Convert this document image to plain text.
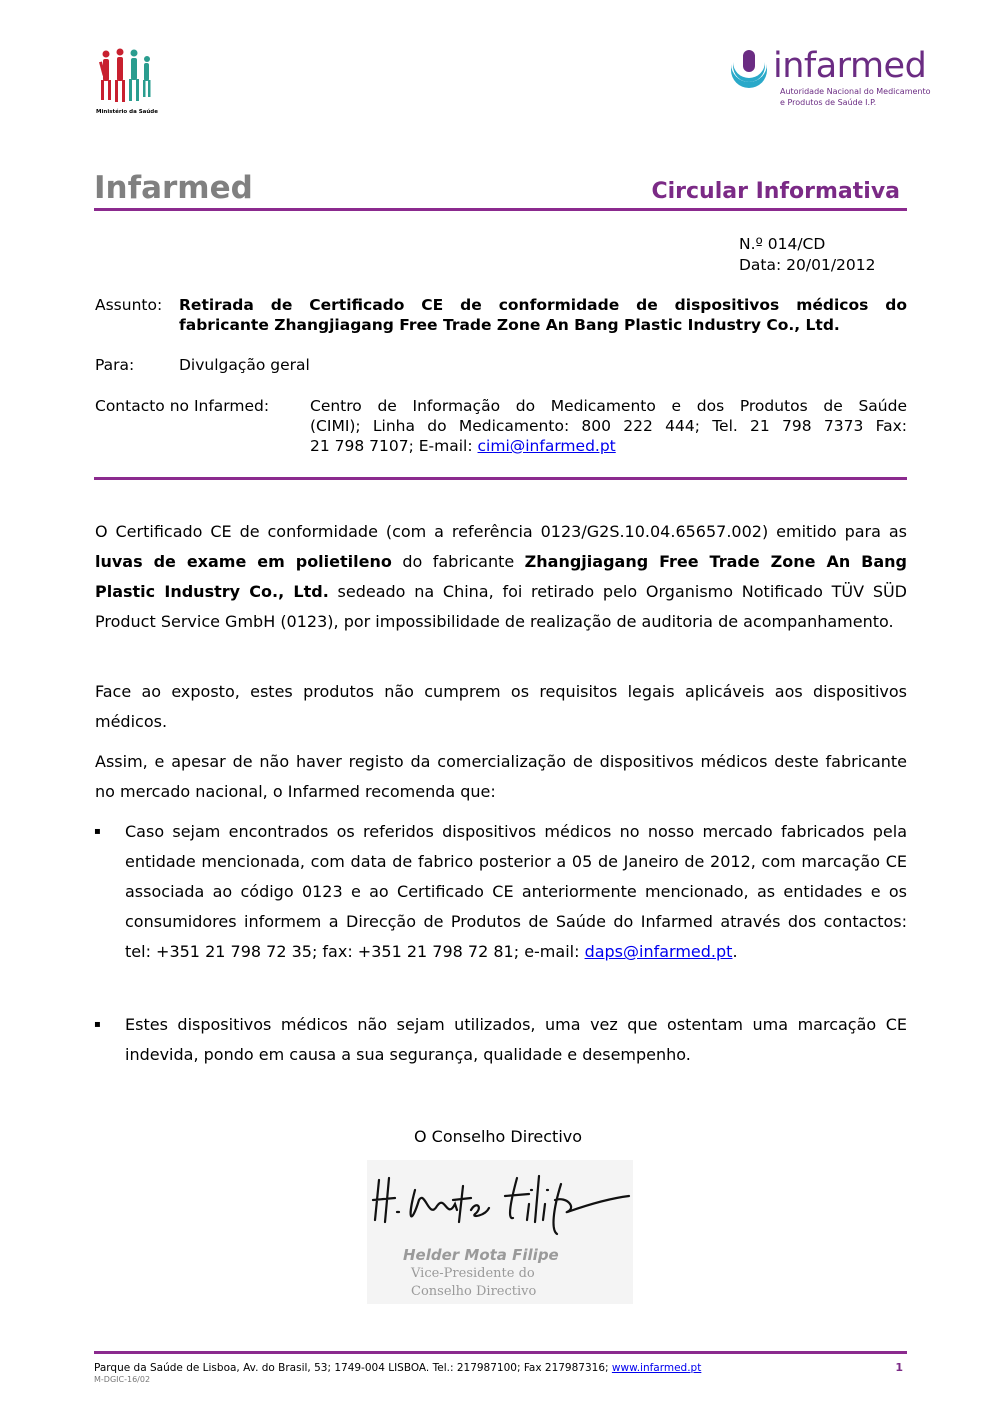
Ministério da Saúde
infarmed
Autoridade Nacional do Medicamento
e Produtos de Saúde I.P.
Infarmed	Circular Informativa
N.º 014/CD
Data: 20/01/2012
Assunto: Retirada de Certificado CE de conformidade de dispositivos médicos do
fabricante Zhangjiagang Free Trade Zone An Bang Plastic Industry Co., Ltd.
Para:	Divulgação geral
Contacto no Infarmed:	Centro de Informação do Medicamento e dos Produtos de Saúde
(CIMI); Linha do Medicamento: 800 222 444; Tel. 21 798 7373 Fax:
21 798 7107; E-mail: cimi@infarmed.pt

O Certificado CE de conformidade (com a referência 0123/G2S.10.04.65657.002) emitido para as luvas de exame em polietileno do fabricante Zhangjiagang Free Trade Zone An Bang Plastic Industry Co., Ltd. sedeado na China, foi retirado pelo Organismo Notificado TÜV SÜD Product Service GmbH (0123), por impossibilidade de realização de auditoria de acompanhamento.

Face ao exposto, estes produtos não cumprem os requisitos legais aplicáveis aos dispositivos médicos.

Assim, e apesar de não haver registo da comercialização de dispositivos médicos deste fabricante no mercado nacional, o Infarmed recomenda que:

▪ Caso sejam encontrados os referidos dispositivos médicos no nosso mercado fabricados pela entidade mencionada, com data de fabrico posterior a 05 de Janeiro de 2012, com marcação CE associada ao código 0123 e ao Certificado CE anteriormente mencionado, as entidades e os consumidores informem a Direcção de Produtos de Saúde do Infarmed através dos contactos: tel: +351 21 798 72 35; fax: +351 21 798 72 81; e-mail: daps@infarmed.pt.

▪ Estes dispositivos médicos não sejam utilizados, uma vez que ostentam uma marcação CE indevida, pondo em causa a sua segurança, qualidade e desempenho.

O Conselho Directivo
Helder Mota Filipe
Vice-Presidente do
Conselho Directivo
Parque da Saúde de Lisboa, Av. do Brasil, 53; 1749-004 LISBOA. Tel.: 217987100; Fax 217987316; www.infarmed.pt
M-DGIC-16/02
1
